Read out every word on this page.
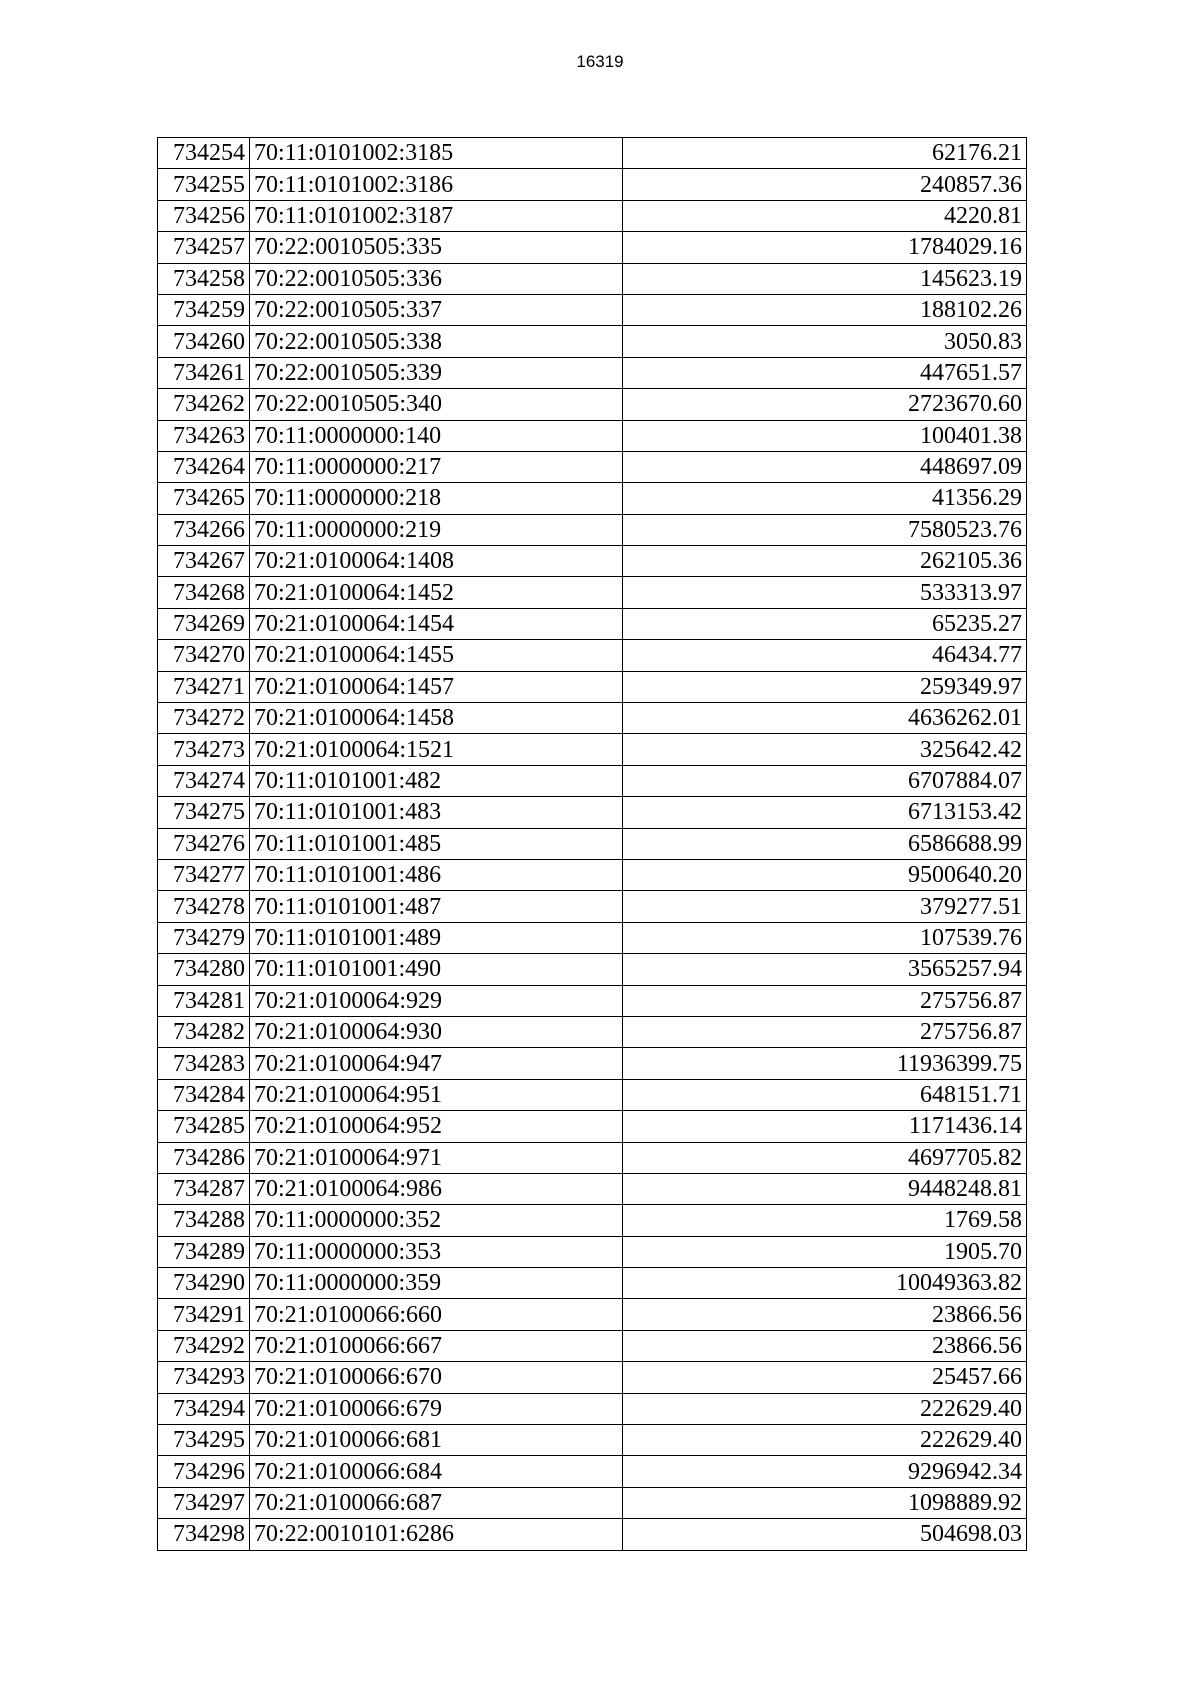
16319
734254	70:11:0101002:3185	62176.21
734255	70:11:0101002:3186	240857.36
734256	70:11:0101002:3187	4220.81
734257	70:22:0010505:335	1784029.16
734258	70:22:0010505:336	145623.19
734259	70:22:0010505:337	188102.26
734260	70:22:0010505:338	3050.83
734261	70:22:0010505:339	447651.57
734262	70:22:0010505:340	2723670.60
734263	70:11:0000000:140	100401.38
734264	70:11:0000000:217	448697.09
734265	70:11:0000000:218	41356.29
734266	70:11:0000000:219	7580523.76
734267	70:21:0100064:1408	262105.36
734268	70:21:0100064:1452	533313.97
734269	70:21:0100064:1454	65235.27
734270	70:21:0100064:1455	46434.77
734271	70:21:0100064:1457	259349.97
734272	70:21:0100064:1458	4636262.01
734273	70:21:0100064:1521	325642.42
734274	70:11:0101001:482	6707884.07
734275	70:11:0101001:483	6713153.42
734276	70:11:0101001:485	6586688.99
734277	70:11:0101001:486	9500640.20
734278	70:11:0101001:487	379277.51
734279	70:11:0101001:489	107539.76
734280	70:11:0101001:490	3565257.94
734281	70:21:0100064:929	275756.87
734282	70:21:0100064:930	275756.87
734283	70:21:0100064:947	11936399.75
734284	70:21:0100064:951	648151.71
734285	70:21:0100064:952	1171436.14
734286	70:21:0100064:971	4697705.82
734287	70:21:0100064:986	9448248.81
734288	70:11:0000000:352	1769.58
734289	70:11:0000000:353	1905.70
734290	70:11:0000000:359	10049363.82
734291	70:21:0100066:660	23866.56
734292	70:21:0100066:667	23866.56
734293	70:21:0100066:670	25457.66
734294	70:21:0100066:679	222629.40
734295	70:21:0100066:681	222629.40
734296	70:21:0100066:684	9296942.34
734297	70:21:0100066:687	1098889.92
734298	70:22:0010101:6286	504698.03
